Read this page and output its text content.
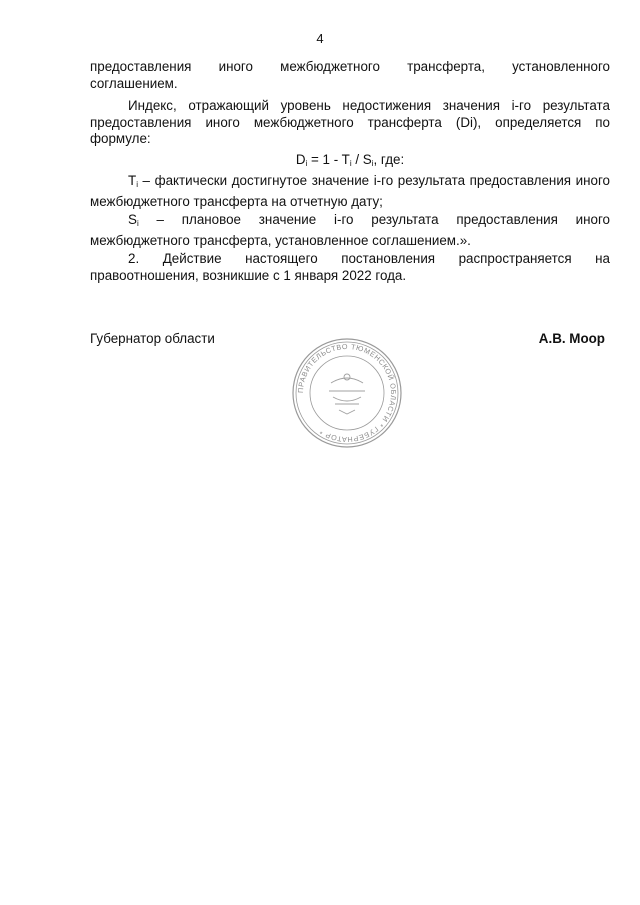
4
предоставления иного межбюджетного трансферта, установленного
соглашением.
Индекс, отражающий уровень недостижения значения i-го результата предоставления иного межбюджетного трансферта (Di), определяется по формуле:
$D_i = 1 - T_i / S_i$, где:
$T_i$ – фактически достигнутое значение i-го результата предоставления иного межбюджетного трансферта на отчетную дату;
$S_i$ – плановое значение i-го результата предоставления иного межбюджетного трансферта, установленное соглашением.».
2. Действие настоящего постановления распространяется на
правоотношения, возникшие с 1 января 2022 года.
Губернатор области	А.В. Моор
ПРАВИТЕЛЬСТВО ТЮМЕНСКОЙ ОБЛАСТИ * ГУБЕРНАТОР *
